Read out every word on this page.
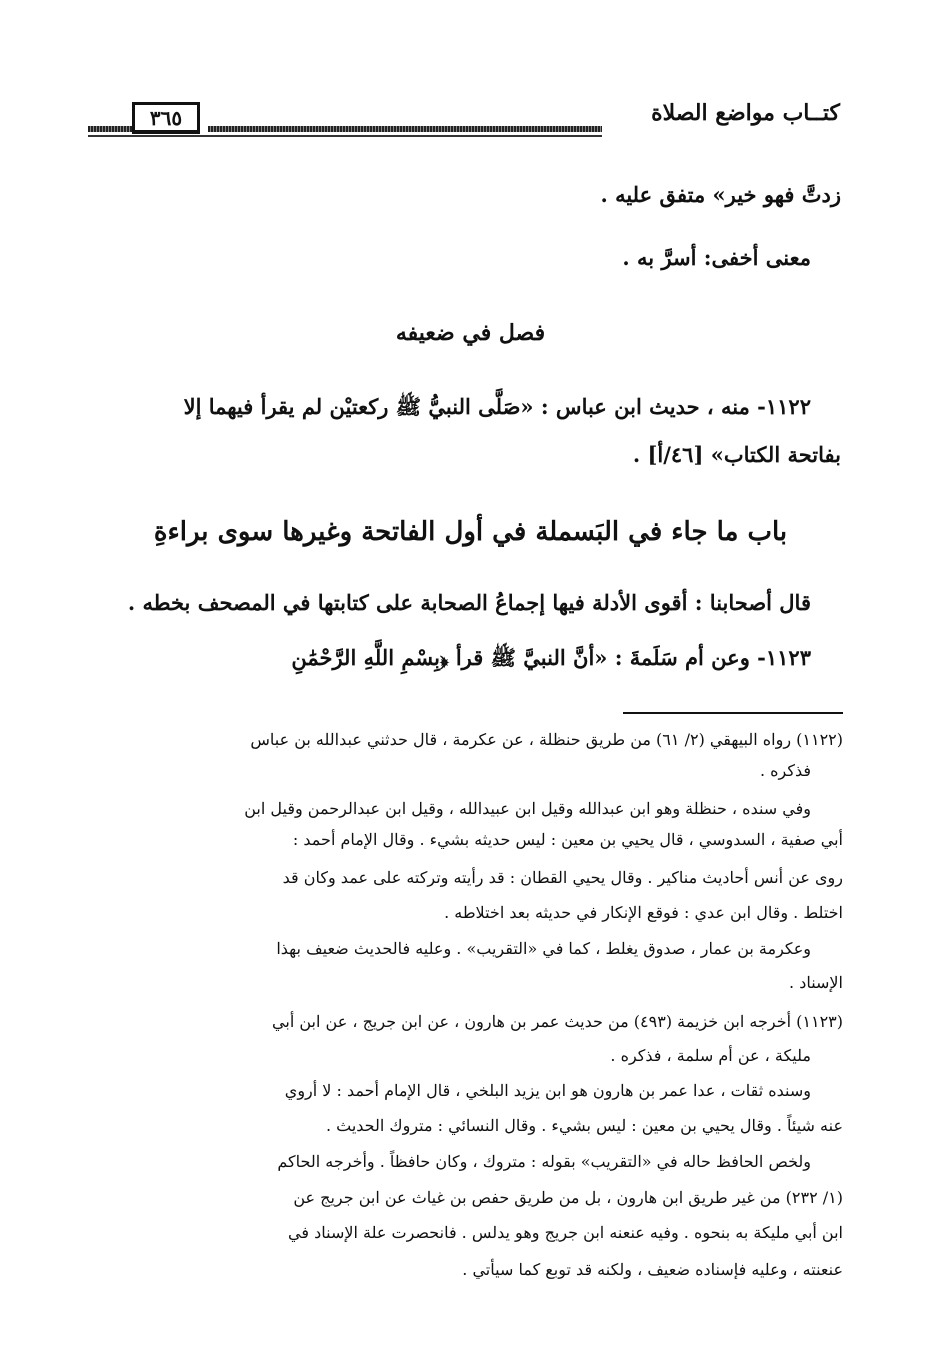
كتــاب مواضع الصلاة
٣٦٥
زدتَّ فهو خير» متفق عليه .
معنى أخفى: أسرَّ به .
فصل في ضعيفه
١١٢٢- منه ، حديث ابن عباس : «صَلَّى النبيُّ ﷺ ركعتيْن لم يقرأ فيهما إلا
بفاتحة الكتاب» [٤٦/أ] .
باب ما جاء في البَسملة في أول الفاتحة وغيرها سوى براءةِ
قال أصحابنا : أقوى الأدلة فيها إجماعُ الصحابة على كتابتها في المصحف بخطه .
١١٢٣- وعن أم سَلَمةَ : «أنَّ النبيَّ ﷺ قرأ ﴿بِسْمِ اللَّهِ الرَّحْمَٰنِ
(١١٢٢) رواه البيهقي (٢/ ٦١) من طريق حنظلة ، عن عكرمة ، قال حدثني عبدالله بن عباس
فذكره .
وفي سنده ، حنظلة وهو ابن عبدالله وقيل ابن عبيدالله ، وقيل ابن عبدالرحمن وقيل ابن
أبي صفية ، السدوسي ، قال يحيي بن معين : ليس حديثه بشيء . وقال الإمام أحمد :
روى عن أنس أحاديث مناكير . وقال يحيي القطان : قد رأيته وتركته على عمد وكان قد
اختلط . وقال ابن عدي : فوقع الإنكار في حديثه بعد اختلاطه .
وعكرمة بن عمار ، صدوق يغلط ، كما في «التقريب» . وعليه فالحديث ضعيف بهذا
الإسناد .
(١١٢٣) أخرجه ابن خزيمة (٤٩٣) من حديث عمر بن هارون ، عن ابن جريج ، عن ابن أبي
مليكة ، عن أم سلمة ، فذكره .
وسنده ثقات ، عدا عمر بن هارون هو ابن يزيد البلخي ، قال الإمام أحمد : لا أروي
عنه شيئاً . وقال يحيي بن معين : ليس بشيء . وقال النسائي : متروك الحديث .
ولخص الحافظ حاله في «التقريب» بقوله : متروك ، وكان حافظاً . وأخرجه الحاكم
(١/ ٢٣٢) من غير طريق ابن هارون ، بل من طريق حفص بن غياث عن ابن جريج عن
ابن أبي مليكة به بنحوه . وفيه عنعنه ابن جريج وهو يدلس . فانحصرت علة الإسناد في
عنعنته ، وعليه فإسناده ضعيف ، ولكنه قد توبع كما سيأتي .
